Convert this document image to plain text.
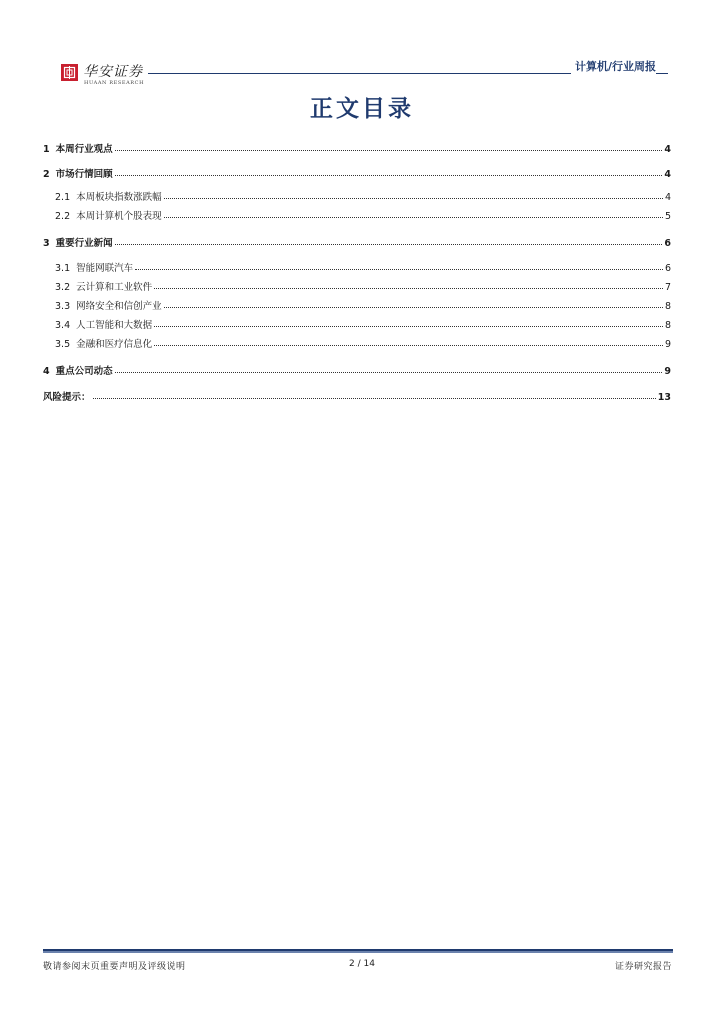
华安证券
HUAAN RESEARCH
计算机/行业周报
正文目录
1 本周行业观点	4
2 市场行情回顾	4
2.1 本周板块指数涨跌幅	4
2.2 本周计算机个股表现	5
3 重要行业新闻	6
3.1 智能网联汽车	6
3.2 云计算和工业软件	7
3.3 网络安全和信创产业	8
3.4 人工智能和大数据	8
3.5 金融和医疗信息化	9
4 重点公司动态	9
风险提示：	13
敬请参阅末页重要声明及评级说明	2 / 14	证券研究报告
